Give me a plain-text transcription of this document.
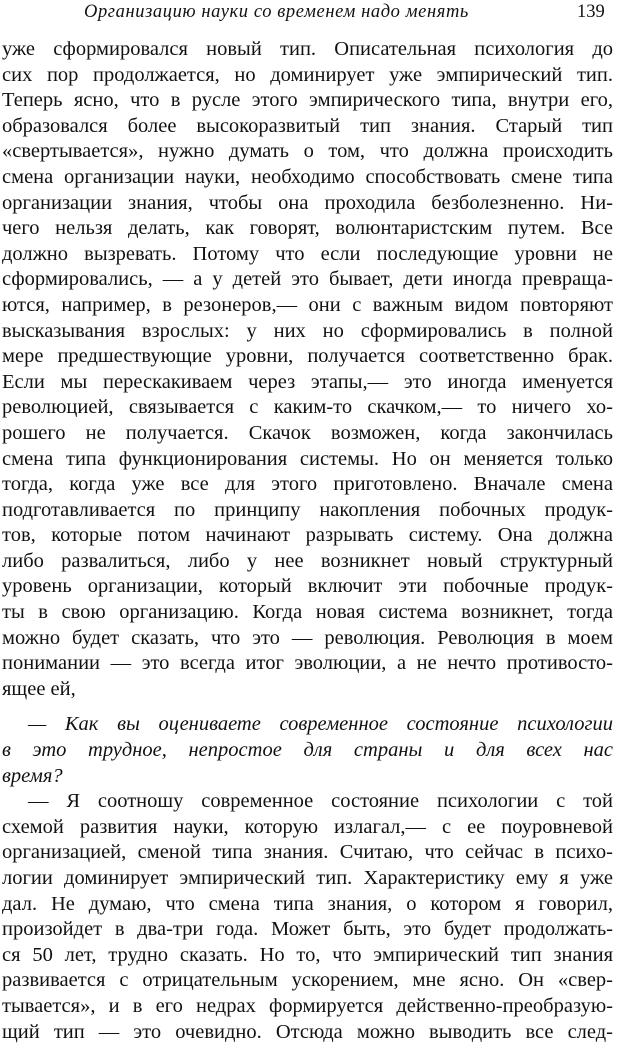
Организацию науки со временем надо менять	139
уже сформировался новый тип. Описательная психология до
сих пор продолжается, но доминирует уже эмпирический тип.
Теперь ясно, что в русле этого эмпирического типа, внутри его,
образовался более высокоразвитый тип знания. Старый тип
«свертывается», нужно думать о том, что должна происходить
смена организации науки, необходимо способствовать смене типа
организации знания, чтобы она проходила безболезненно. Ни-
чего нельзя делать, как говорят, волюнтаристским путем. Все
должно вызревать. Потому что если последующие уровни не
сформировались, — а у детей это бывает, дети иногда превраща-
ются, например, в резонеров,— они с важным видом повторяют
высказывания взрослых: у них но сформировались в полной
мере предшествующие уровни, получается соответственно брак.
Если мы перескакиваем через этапы,— это иногда именуется
революцией, связывается с каким-то скачком,— то ничего хо-
рошего не получается. Скачок возможен, когда закончилась
смена типа функционирования системы. Но он меняется только
тогда, когда уже все для этого приготовлено. Вначале смена
подготавливается по принципу накопления побочных продук-
тов, которые потом начинают разрывать систему. Она должна
либо развалиться, либо у нее возникнет новый структурный
уровень организации, который включит эти побочные продук-
ты в свою организацию. Когда новая система возникнет, тогда
можно будет сказать, что это — революция. Революция в моем
понимании — это всегда итог эволюции, а не нечто противосто-
ящее ей,
— Как вы оцениваете современное состояние психологии
в это трудное, непростое для страны и для всех нас
время?
— Я соотношу современное состояние психологии с той
схемой развития науки, которую излагал,— с ее поуровневой
организацией, сменой типа знания. Считаю, что сейчас в психо-
логии доминирует эмпирический тип. Характеристику ему я уже
дал. Не думаю, что смена типа знания, о котором я говорил,
произойдет в два-три года. Может быть, это будет продолжать-
ся 50 лет, трудно сказать. Но то, что эмпирический тип знания
развивается с отрицательным ускорением, мне ясно. Он «свер-
тывается», и в его недрах формируется действенно-преобразую-
щий тип — это очевидно. Отсюда можно выводить все след-
